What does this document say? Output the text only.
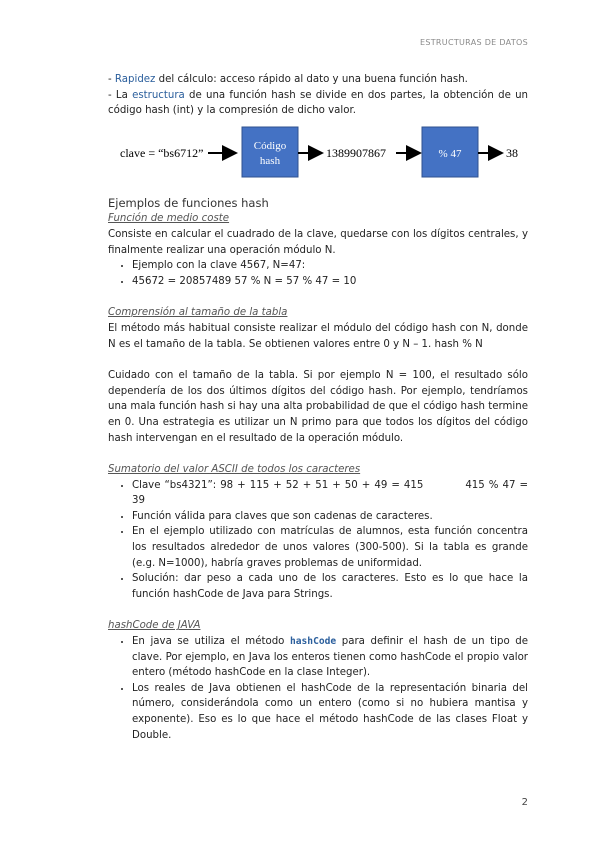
ESTRUCTURAS DE DATOS

- Rapidez del cálculo: acceso rápido al dato y una buena función hash.

- La estructura de una función hash se divide en dos partes, la obtención de un código hash (int) y la compresión de dicho valor.

clave = “bs6712”	Código
hash
1389907867	% 47	38

Ejemplos de funciones hash

Función de medio coste

Consiste en calcular el cuadrado de la clave, quedarse con los dígitos centrales, y finalmente realizar una operación módulo N.

• Ejemplo con la clave 4567, N=47:
• 45672 = 20857489 57 % N = 57 % 47 = 10

Comprensión al tamaño de la tabla

El método más habitual consiste realizar el módulo del código hash con N, donde N es el tamaño de la tabla. Se obtienen valores entre 0 y N – 1. hash % N

Cuidado con el tamaño de la tabla. Si por ejemplo N = 100, el resultado sólo dependería de los dos últimos dígitos del código hash. Por ejemplo, tendríamos una mala función hash si hay una alta probabilidad de que el código hash termine en 0. Una estrategia es utilizar un N primo para que todos los dígitos del código hash intervengan en el resultado de la operación módulo.

Sumatorio del valor ASCII de todos los caracteres

• Clave “bs4321”: 98 + 115 + 52 + 51 + 50 + 49 = 415	415 % 47 = 39
• Función válida para claves que son cadenas de caracteres.
• En el ejemplo utilizado con matrículas de alumnos, esta función concentra los resultados alrededor de unos valores (300-500). Si la tabla es grande (e.g. N=1000), habría graves problemas de uniformidad.
• Solución: dar peso a cada uno de los caracteres. Esto es lo que hace la función hashCode de Java para Strings.

hashCode de JAVA

• En java se utiliza el método hashCode para definir el hash de un tipo de clave. Por ejemplo, en Java los enteros tienen como hashCode el propio valor entero (método hashCode en la clase Integer).
• Los reales de Java obtienen el hashCode de la representación binaria del número, considerándola como un entero (como si no hubiera mantisa y exponente). Eso es lo que hace el método hashCode de las clases Float y Double.
2
